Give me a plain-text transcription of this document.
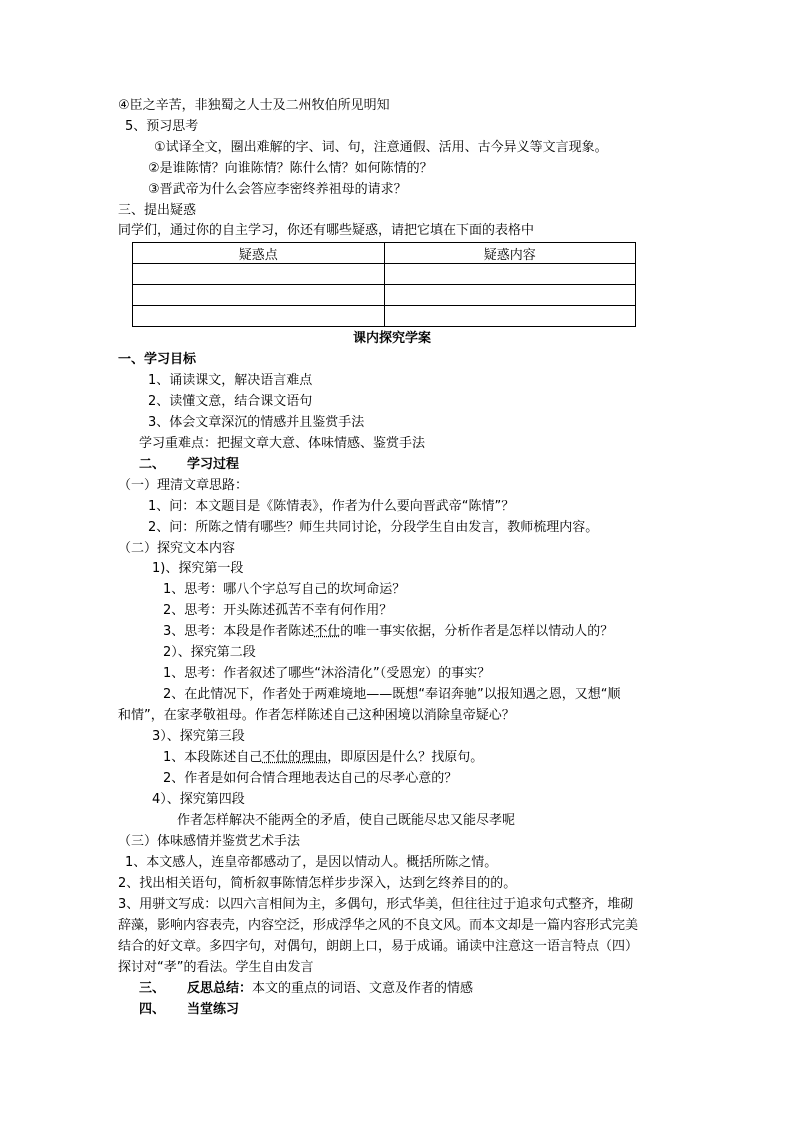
④臣之辛苦，非独蜀之人士及二州牧伯所见明知
5、预习思考
①试译全文，圈出难解的字、词、句，注意通假、活用、古今异义等文言现象。
②是谁陈情？向谁陈情？陈什么情？如何陈情的？
③晋武帝为什么会答应李密终养祖母的请求？
三、提出疑惑
同学们，通过你的自主学习，你还有哪些疑惑，请把它填在下面的表格中
疑惑点	疑惑内容

课内探究学案
一、学习目标
1、诵读课文，解决语言难点
2、读懂文意，结合课文语句
3、体会文章深沉的情感并且鉴赏手法
学习重难点：把握文章大意、体味情感、鉴赏手法
二、 学习过程
（一）理清文章思路：
1、问：本文题目是《陈情表》，作者为什么要向晋武帝“陈情”？
2、问：所陈之情有哪些？师生共同讨论，分段学生自由发言，教师梳理内容。
（二）探究文本内容
1)、探究第一段
1、思考：哪八个字总写自己的坎坷命运？
2、思考：开头陈述孤苦不幸有何作用？
3、思考：本段是作者陈述不仕的唯一事实依据，分析作者是怎样以情动人的？
2）、探究第二段
1、思考：作者叙述了哪些“沐浴清化”（受恩宠）的事实？
2、在此情况下，作者处于两难境地——既想“奉诏奔驰”以报知遇之恩，又想“顺
和情”，在家孝敬祖母。作者怎样陈述自己这种困境以消除皇帝疑心？
3）、探究第三段
1、本段陈述自己不仕的理由，即原因是什么？找原句。
2、作者是如何合情合理地表达自己的尽孝心意的？
4）、探究第四段
作者怎样解决不能两全的矛盾，使自己既能尽忠又能尽孝呢
（三）体味感情并鉴赏艺术手法
1、本文感人，连皇帝都感动了，是因以情动人。概括所陈之情。
2、找出相关语句，简析叙事陈情怎样步步深入，达到乞终养目的的。
3、用骈文写成：以四六言相间为主，多偶句，形式华美，但往往过于追求句式整齐，堆砌
辞藻，影响内容表壳，内容空泛，形成浮华之风的不良文风。而本文却是一篇内容形式完美
结合的好文章。多四字句，对偶句，朗朗上口，易于成诵。诵读中注意这一语言特点（四）
探讨对“孝”的看法。学生自由发言
三、 反思总结：本文的重点的词语、文意及作者的情感
四、 当堂练习
